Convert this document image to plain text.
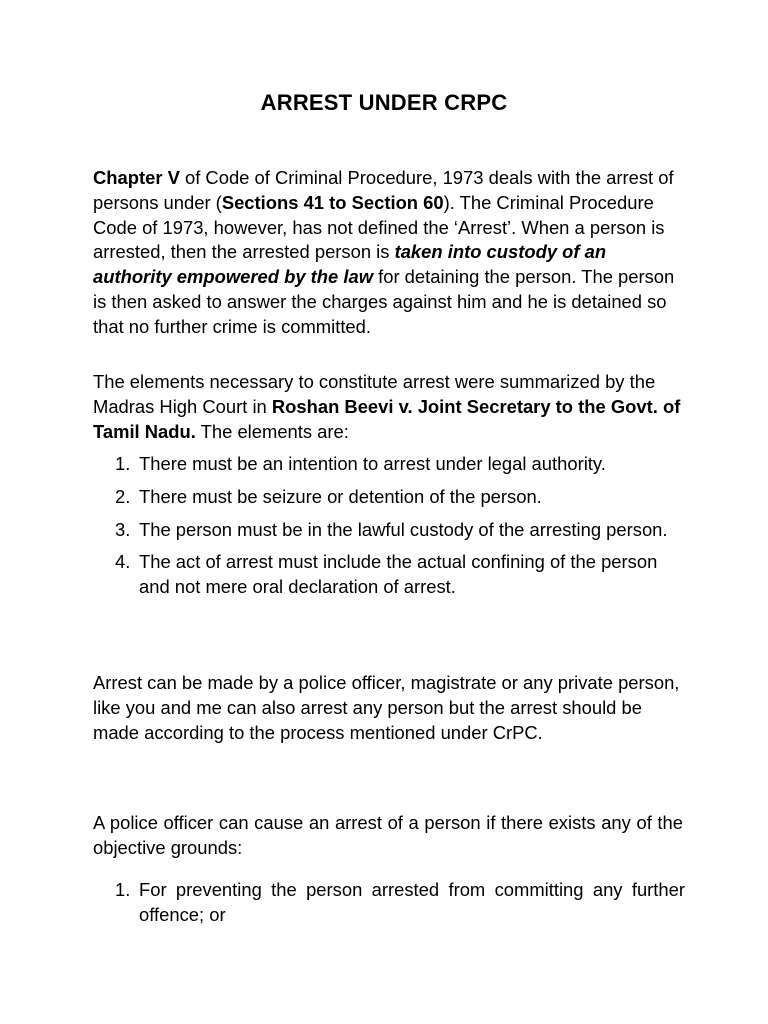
ARREST UNDER CRPC

Chapter V of Code of Criminal Procedure, 1973 deals with the arrest of persons under (Sections 41 to Section 60). The Criminal Procedure Code of 1973, however, has not defined the ‘Arrest’. When a person is arrested, then the arrested person is taken into custody of an authority empowered by the law for detaining the person. The person is then asked to answer the charges against him and he is detained so that no further crime is committed.

The elements necessary to constitute arrest were summarized by the Madras High Court in Roshan Beevi v. Joint Secretary to the Govt. of Tamil Nadu. The elements are:

1. There must be an intention to arrest under legal authority.
2. There must be seizure or detention of the person.
3. The person must be in the lawful custody of the arresting person.
4. The act of arrest must include the actual confining of the person and not mere oral declaration of arrest.

Arrest can be made by a police officer, magistrate or any private person, like you and me can also arrest any person but the arrest should be made according to the process mentioned under CrPC.

A police officer can cause an arrest of a person if there exists any of the objective grounds:

1. For preventing the person arrested from committing any further offence; or
